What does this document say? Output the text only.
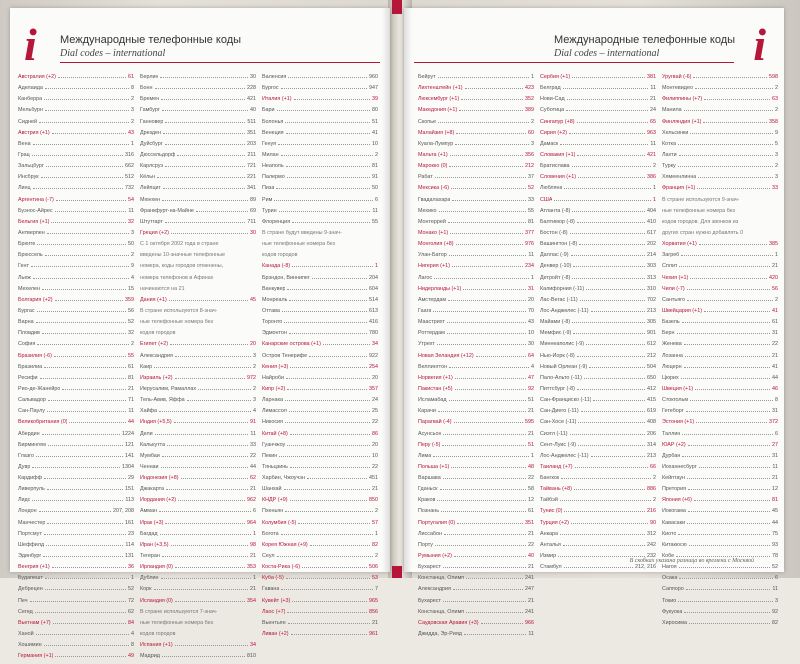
i Международные телефонные коды
Dial codes – international
Австралия (+2)	61
Аделаида	8
Канберра	2
Мельбурн	3
Сидней	2
Австрия (+1)	43
Вена	1
Грац	316
Зальцбург	662
Инсбрук	512
Линц	732
Аргентина (-7)	54
Буэнос-Айрес	11
Бельгия (+1)	32
Антверпен	3
Брюгге	50
Брюссель	2
Гент	9
Льеж	4
Мехелен	15
Болгария (+2)	359
Бургас	56
Варна	52
Пловдив	32
София	2
Бразилия (-6)	55
Бразилиа	61
Ресифи	81
Рио-де-Жанейро	21
Сальвадор	71
Сан-Паулу	11
Великобритания (0)	44
Абердин	1224
Бирмингем	121
Глазго	141
Дувр	1304
Кардифф	29
Ливерпуль	151
Лидс	113
Лондон	207, 208
Манчестер	161
Портсмут	23
Шеффилд	114
Эдинбург	131
Венгрия (+1)	36
Будапешт	1
Дебрецен	52
Печ	72
Сегед	62
Вьетнам (+7)	84
Ханой	4
Хошимин	8
Германия (+1)	49
Берлин	30
Бонн	228
Бремен	421
Гамбург	40
Ганновер	511
Дрезден	351
Дуйсбург	203
Дюссельдорф	211
Карлсруэ	721
Кёльн	221
Лейпциг	341
Мюнхен	89
Франкфурт-на-Майне	69
Штутгарт	711
Греция (+2)	30
С 1 октября 2002 года в стране
введены 10-значные телефонные
номера, коды городов отменены,
номера телефонов в Афинах
начинаются на 21
Дания (+1)	45
В стране используются 8-знач-
ные телефонные номера без
кодов городов
Египет (+2)	20
Александрия	3
Каир	2
Израиль (+2)	972
Иерусалим, Рамаллах	2
Тель-Авив, Яффа	3
Хайфа	4
Индия (+5,5)	91
Дели	11
Калькутта	33
Мумбаи	22
Ченнаи	44
Индонезия (+8)	62
Джакарта	21
Иордания (+2)	962
Амман	6
Ирак (+3)	964
Багдад	1
Иран (+3,5)	98
Тегеран	21
Ирландия (0)	353
Дублин	1
Корк	21
Исландия (0)	354
В стране используются 7-знач-
ные телефонные номера без
кодов городов
Испания (+1)	34
Мадрид	810
Валенсия	960
Бургос	947
Италия (+1)	39
Бари	80
Болонья	51
Венеция	41
Генуя	10
Милан	2
Неаполь	81
Палермо	91
Пиза	50
Рим	6
Турин	11
Флоренция	55
В стране будут введены 9-знач-
ные телефонные номера без
кодов городов
Канада (-8)	1
Брэндон, Виннипег	204
Ванкувер	604
Монреаль	514
Оттава	613
Торонто	416
Эдмонтон	780
Канарские острова (+1)	34
Остров Тенерифе	922
Кения (+3)	254
Найроби	20
Кипр (+2)	357
Ларнака	24
Лимассол	25
Никосия	22
Китай (+8)	86
Гуанчжоу	20
Пекин	10
Тяньцзинь	22
Харбин, Чжоучэн	451
Шанхай	21
КНДР (+9)	850
Пхеньян	2
Колумбия (-5)	57
Богота	1
Корея Южная (+9)	82
Сеул	2
Коста-Рика (-6)	506
Куба (-5)	53
Гавана	7
Кувейт (+3)	965
Лаос (+7)	856
Вьентьян	21
Ливан (+2)	961
i
Международные телефонные коды
Dial codes – international
Бейрут	1
Лихтенштейн (+1)	423
Люксембург (+1)	352
Македония (+1)	389
Скопье	2
Малайзия (+8)	60
Куала-Лумпур	3
Мальта (+1)	356
Марокко (0)	212
Рабат	37
Мексика (-6)	52
Гвадалахара	33
Мехико	55
Монтеррей	81
Монако (+1)	377
Монголия (+8)	976
Улан-Батор	11
Нигерия (+1)	234
Лагос	1
Нидерланды (+1)	31
Амстердам	20
Гаага	70
Маастрихт	43
Роттердам	10
Утрехт	30
Новая Зеландия (+12)	64
Веллингтон	4
Норвегия (+1)	47
Пакистан (+5)	92
Исламабад	51
Карачи	21
Парагвай (-4)	595
Асунсьон	21
Перу (-5)	51
Лима	1
Польша (+1)	48
Варшава	22
Гданьск	58
Краков	12
Познань	61
Португалия (0)	351
Лиссабон	21
Порту	22
Румыния (+2)	40
Бухарест	21
Констанца, Олимп	241
Александрия	247
Бухарест	21
Констанца, Олимп	241
Саудовская Аравия (+3)	966
Джидда, Эр-Рияд	11
Сербия (+1)	381
Белград	11
Нови-Сад	21
Суботица	24
Сингапур (+8)	65
Сирия (+2)	963
Дамаск	11
Словакия (+1)	421
Братислава	2
Словения (+1)	386
Любляна	1
США	1
Атланта (-8)	404
Балтимор (-8)	410
Бостон (-8)	617
Вашингтон (-8)	202
Даллас (-9)	214
Денвер (-10)	303
Детройт (-8)	313
Калифорния (-11)	310
Лас-Вегас (-11)	702
Лос-Анджелес (-11)	213
Майами (-8)	305
Мемфис (-9)	901
Миннеаполис (-9)	612
Нью-Йорк (-8)	212
Новый Орлеан (-9)	504
Пало-Альто (-11)	650
Питтсбург (-8)	412
Сан-Франциско (-11)	415
Сан-Диего (-11)	619
Сан-Хосе (-11)	408
Сиэтл (-11)	206
Сент-Луис (-9)	314
Лос-Анджелес (-11)	213
Таиланд (+7)	66
Бангкок	2
Тайвань (+8)	886
Тайбэй	2
Тунис (0)	216
Турция (+2)	90
Анкара	312
Анталья	242
Измир	232
Стамбул	212, 216
Уругвай (-6)	598
Монтевидео	2
Филиппины (+7)	63
Манила	2
Финляндия (+1)	358
Хельсинки	9
Котка	5
Лахти	3
Турку	2
Хямеенлинна	3
Франция (+1)	33
В стране используются 9-знач-
ные телефонные номера без
кодов городов. Для звонков из
других стран нужно добавлять 0
Хорватия (+1)	385
Загреб	1
Сплит	21
Чехия (+1)	420
Чили (-7)	56
Сантьяго	2
Швейцария (+1)	41
Базель	61
Берн	31
Женева	22
Лозанна	21
Люцерн	41
Цюрих	44
Швеция (+1)	46
Стокгольм	8
Гетеборг	31
Эстония (+1)	372
Таллин	6
ЮАР (+2)	27
Дурбан	31
Йоханнесбург	11
Кейптаун	21
Претория	12
Япония (+6)	81
Иокогама	45
Кавасаки	44
Киото	75
Китакюсю	93
Кобе	78
Нагоя	52
Осака	6
Саппоро	11
Токио	3
Фукуока	92
Хиросима	82
В скобках указана разница во времени с Москвой
